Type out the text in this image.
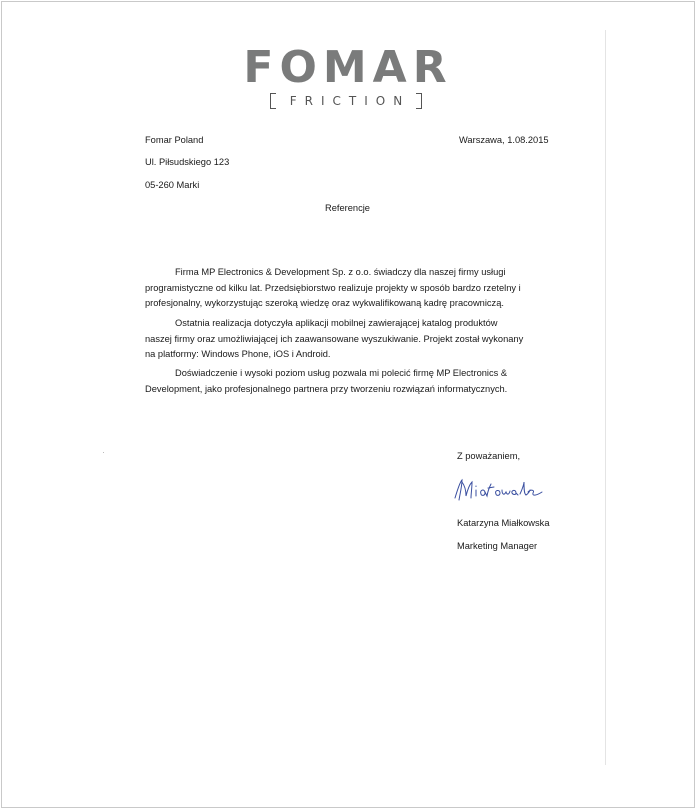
FOMAR
FRICTION
Fomar Poland
Ul. Piłsudskiego 123
05-260 Marki
Warszawa, 1.08.2015
Referencje
Firma MP Electronics & Development Sp. z o.o. świadczy dla naszej firmy usługi programistyczne od kilku lat. Przedsiębiorstwo realizuje projekty w sposób bardzo rzetelny i profesjonalny, wykorzystując szeroką wiedzę oraz wykwalifikowaną kadrę pracowniczą.
Ostatnia realizacja dotyczyła aplikacji mobilnej zawierającej katalog produktów naszej firmy oraz umożliwiającej ich zaawansowane wyszukiwanie. Projekt został wykonany na platformy: Windows Phone, iOS i Android.
Doświadczenie i wysoki poziom usług pozwala mi polecić firmę MP Electronics & Development, jako profesjonalnego partnera przy tworzeniu rozwiązań informatycznych.
Z poważaniem,
Katarzyna Miałkowska
Marketing Manager
